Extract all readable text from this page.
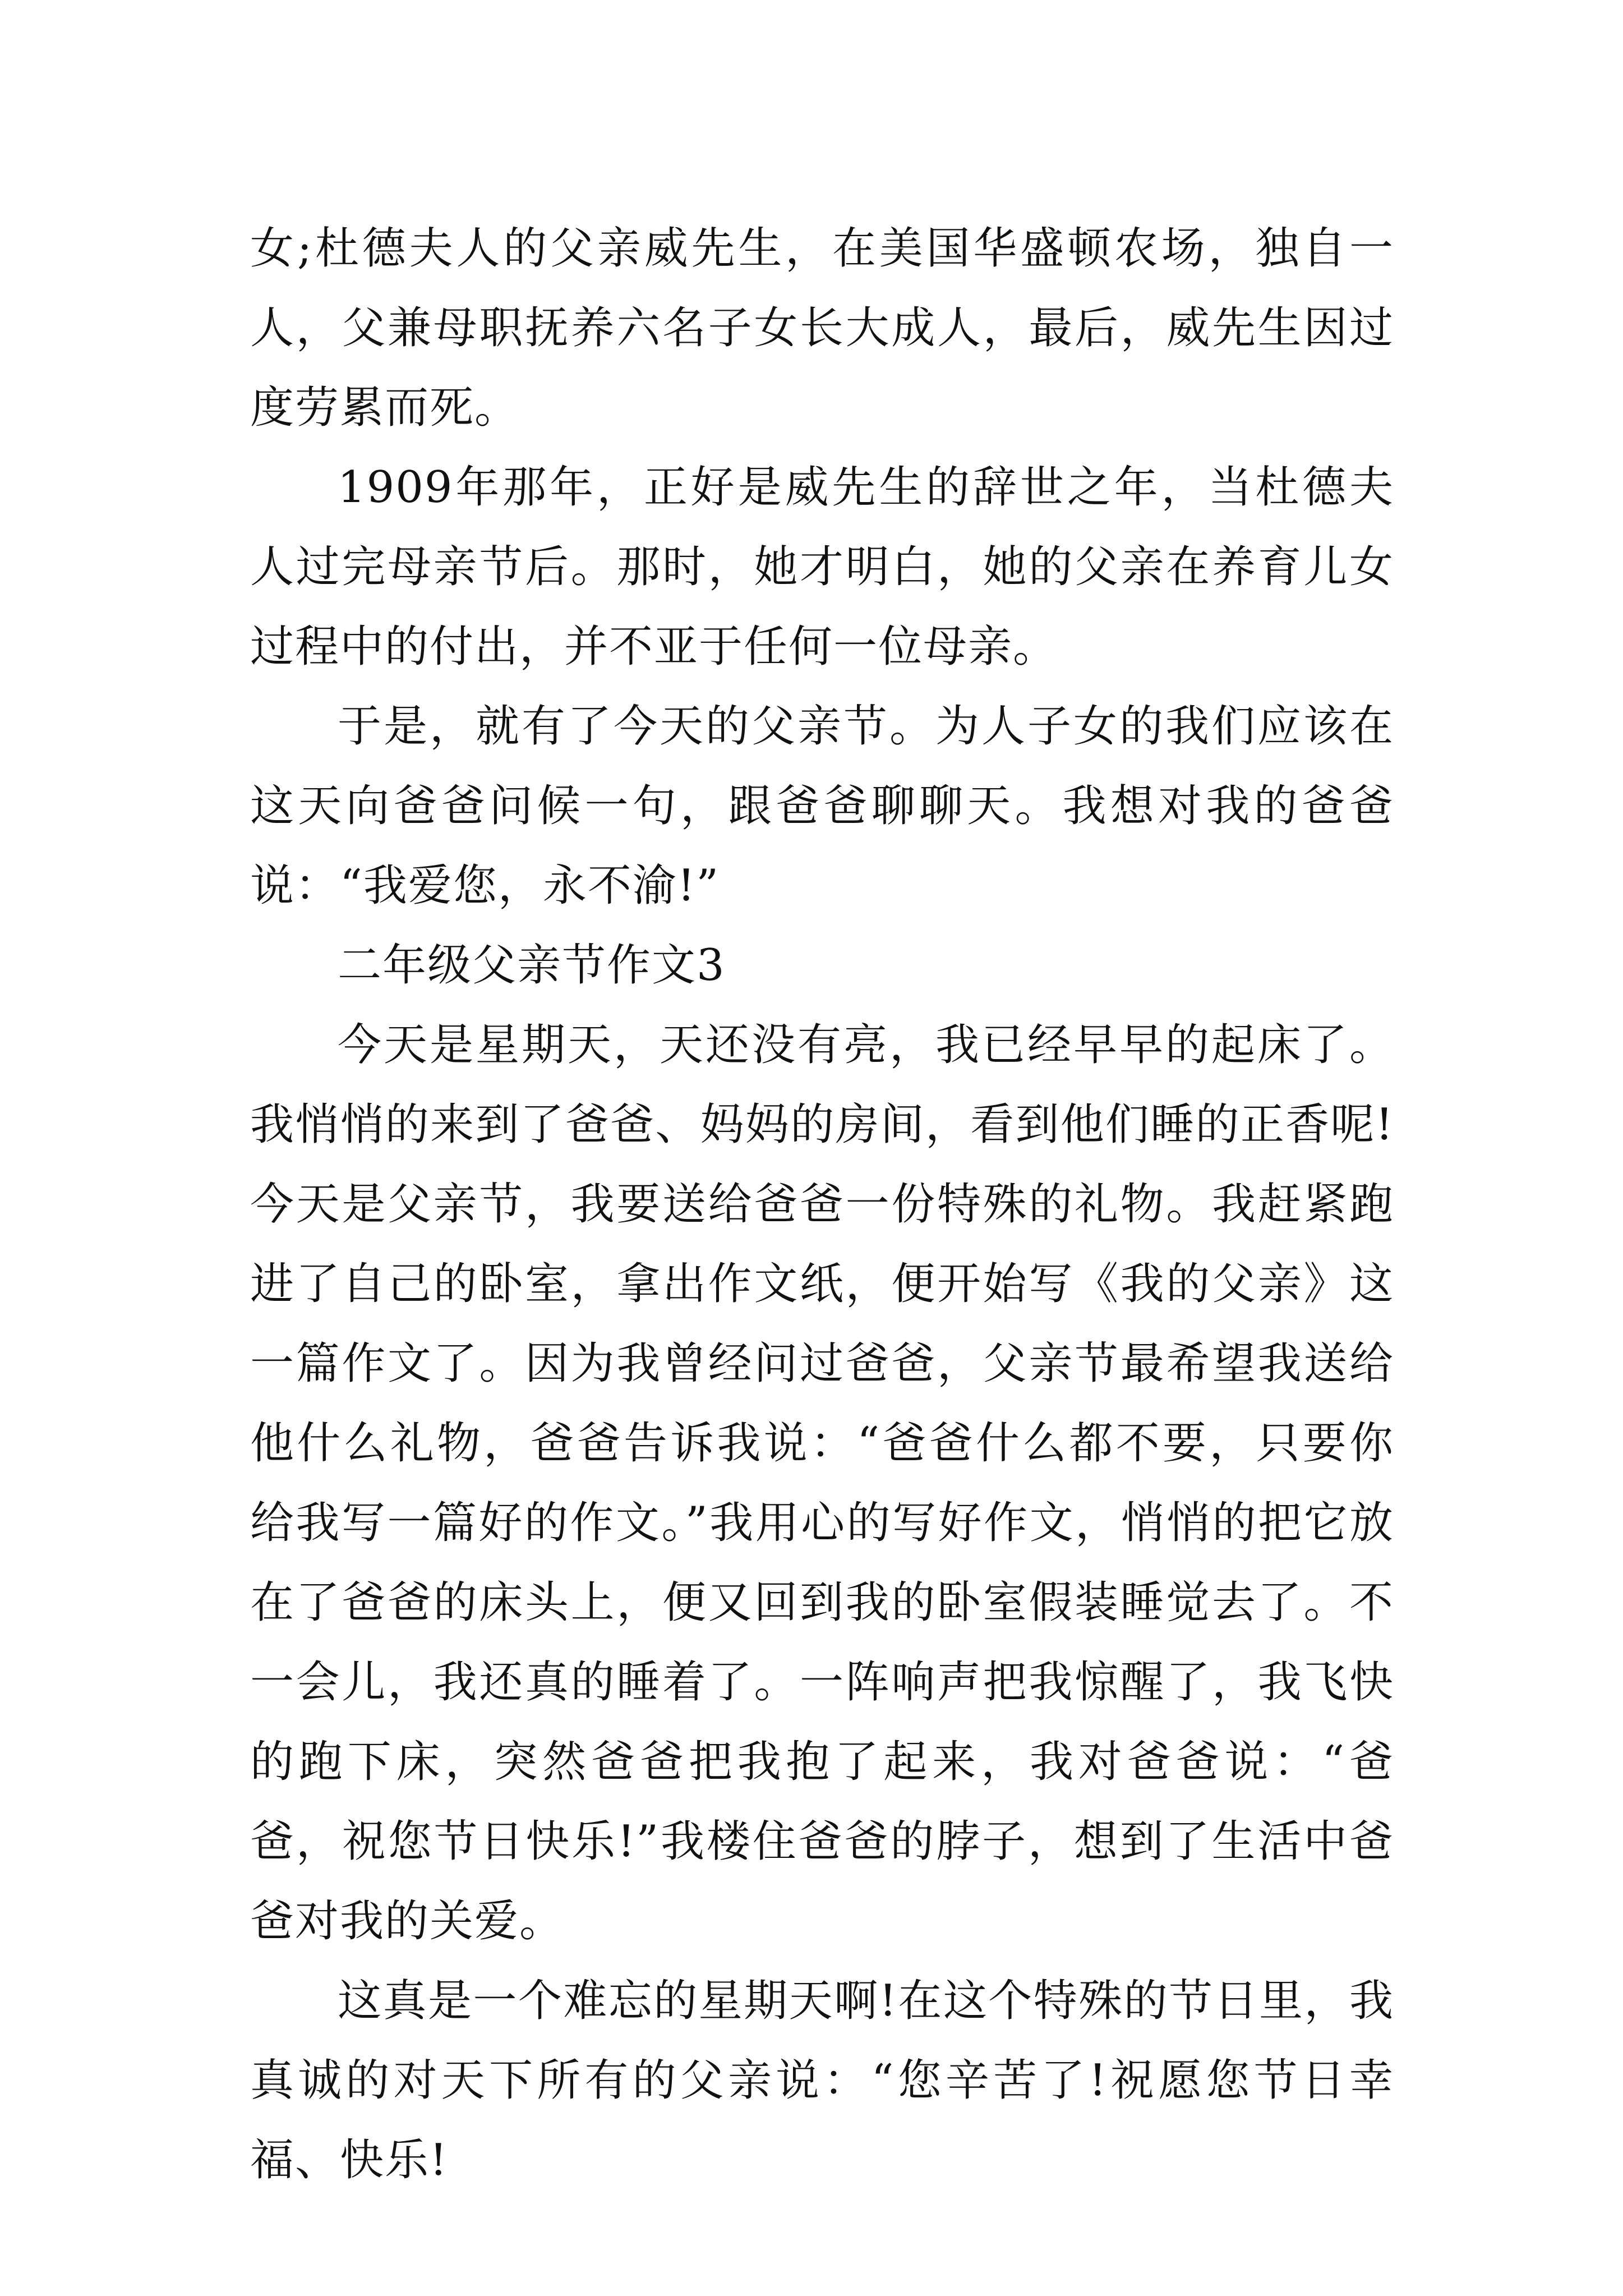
女;杜德夫人的父亲威先生，在美国华盛顿农场，独自一人，父兼母职抚养六名子女长大成人，最后，威先生因过度劳累而死。

1909年那年，正好是威先生的辞世之年，当杜德夫人过完母亲节后。那时，她才明白，她的父亲在养育儿女过程中的付出，并不亚于任何一位母亲。

于是，就有了今天的父亲节。为人子女的我们应该在这天向爸爸问候一句，跟爸爸聊聊天。我想对我的爸爸说：“我爱您，永不渝!”

二年级父亲节作文3

今天是星期天，天还没有亮，我已经早早的起床了。我悄悄的来到了爸爸、妈妈的房间，看到他们睡的正香呢!今天是父亲节，我要送给爸爸一份特殊的礼物。我赶紧跑进了自己的卧室，拿出作文纸，便开始写《我的父亲》这一篇作文了。因为我曾经问过爸爸，父亲节最希望我送给他什么礼物，爸爸告诉我说：“爸爸什么都不要，只要你给我写一篇好的作文。”我用心的写好作文，悄悄的把它放在了爸爸的床头上，便又回到我的卧室假装睡觉去了。不一会儿，我还真的睡着了。一阵响声把我惊醒了，我飞快的跑下床，突然爸爸把我抱了起来，我对爸爸说：“爸爸，祝您节日快乐!”我楼住爸爸的脖子，想到了生活中爸爸对我的关爱。

这真是一个难忘的星期天啊!在这个特殊的节日里，我真诚的对天下所有的父亲说：“您辛苦了!祝愿您节日幸福、快乐!
